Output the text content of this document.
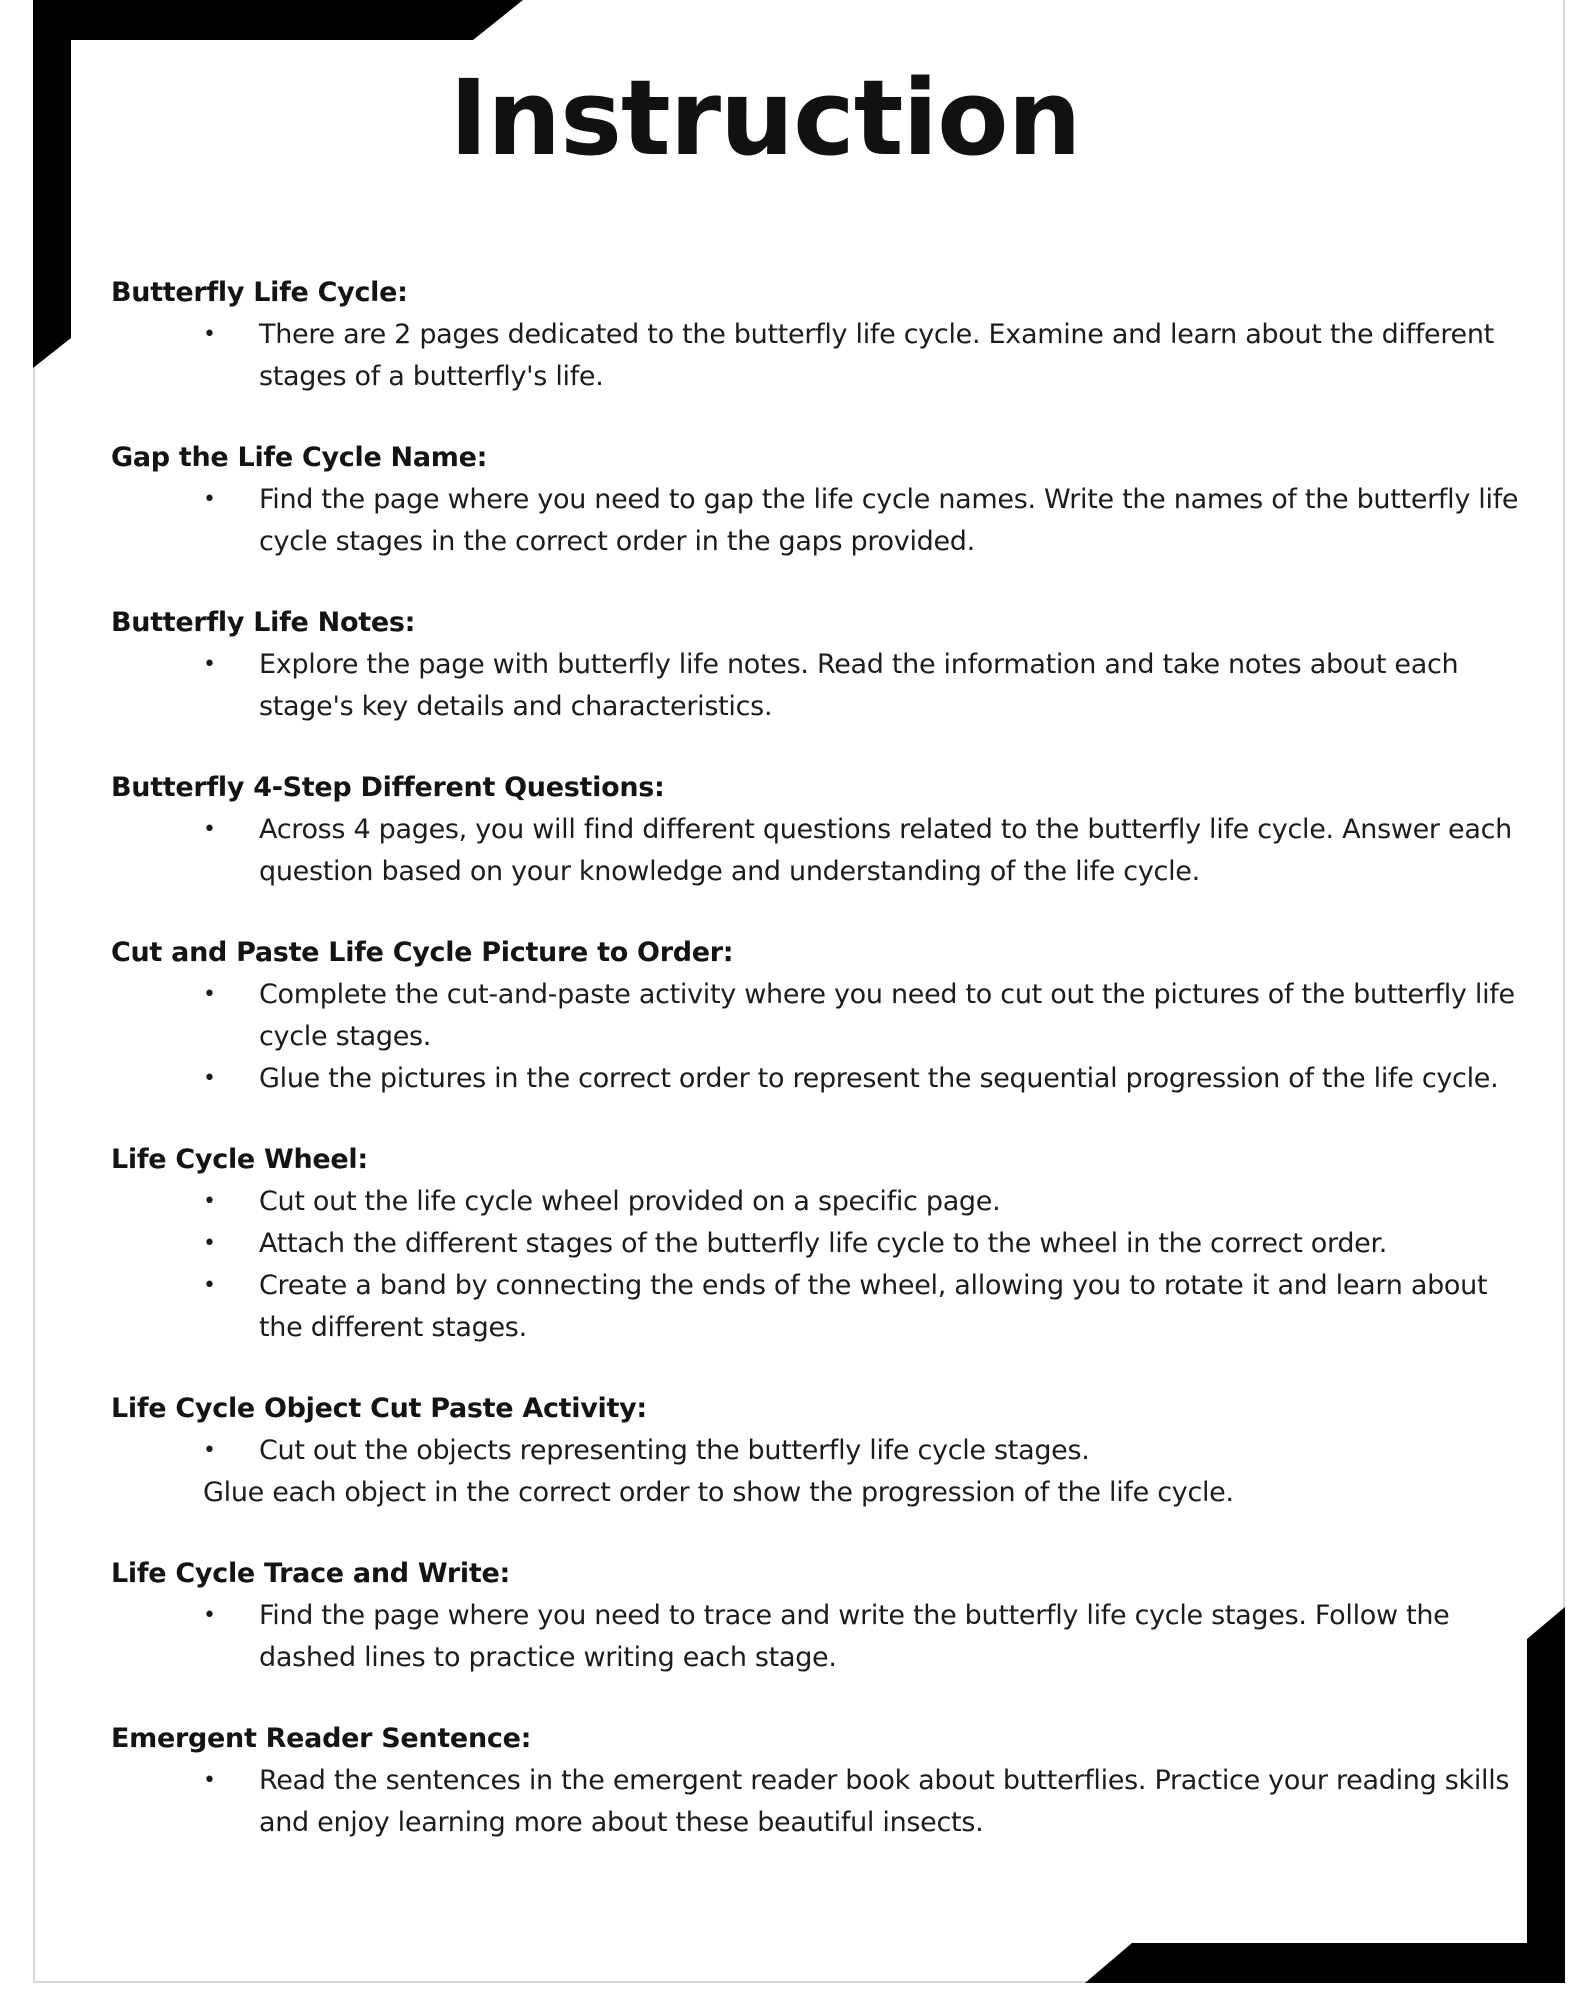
Instruction
Butterfly Life Cycle:
• There are 2 pages dedicated to the butterfly life cycle. Examine and learn about the different stages of a butterfly's life.
Gap the Life Cycle Name:
• Find the page where you need to gap the life cycle names. Write the names of the butterfly life cycle stages in the correct order in the gaps provided.
Butterfly Life Notes:
• Explore the page with butterfly life notes. Read the information and take notes about each stage's key details and characteristics.
Butterfly 4-Step Different Questions:
• Across 4 pages, you will find different questions related to the butterfly life cycle. Answer each question based on your knowledge and understanding of the life cycle.
Cut and Paste Life Cycle Picture to Order:
• Complete the cut-and-paste activity where you need to cut out the pictures of the butterfly life cycle stages.
• Glue the pictures in the correct order to represent the sequential progression of the life cycle.
Life Cycle Wheel:
• Cut out the life cycle wheel provided on a specific page.
• Attach the different stages of the butterfly life cycle to the wheel in the correct order.
• Create a band by connecting the ends of the wheel, allowing you to rotate it and learn about the different stages.
Life Cycle Object Cut Paste Activity:
• Cut out the objects representing the butterfly life cycle stages.
Glue each object in the correct order to show the progression of the life cycle.
Life Cycle Trace and Write:
• Find the page where you need to trace and write the butterfly life cycle stages. Follow the dashed lines to practice writing each stage.
Emergent Reader Sentence:
• Read the sentences in the emergent reader book about butterflies. Practice your reading skills and enjoy learning more about these beautiful insects.
